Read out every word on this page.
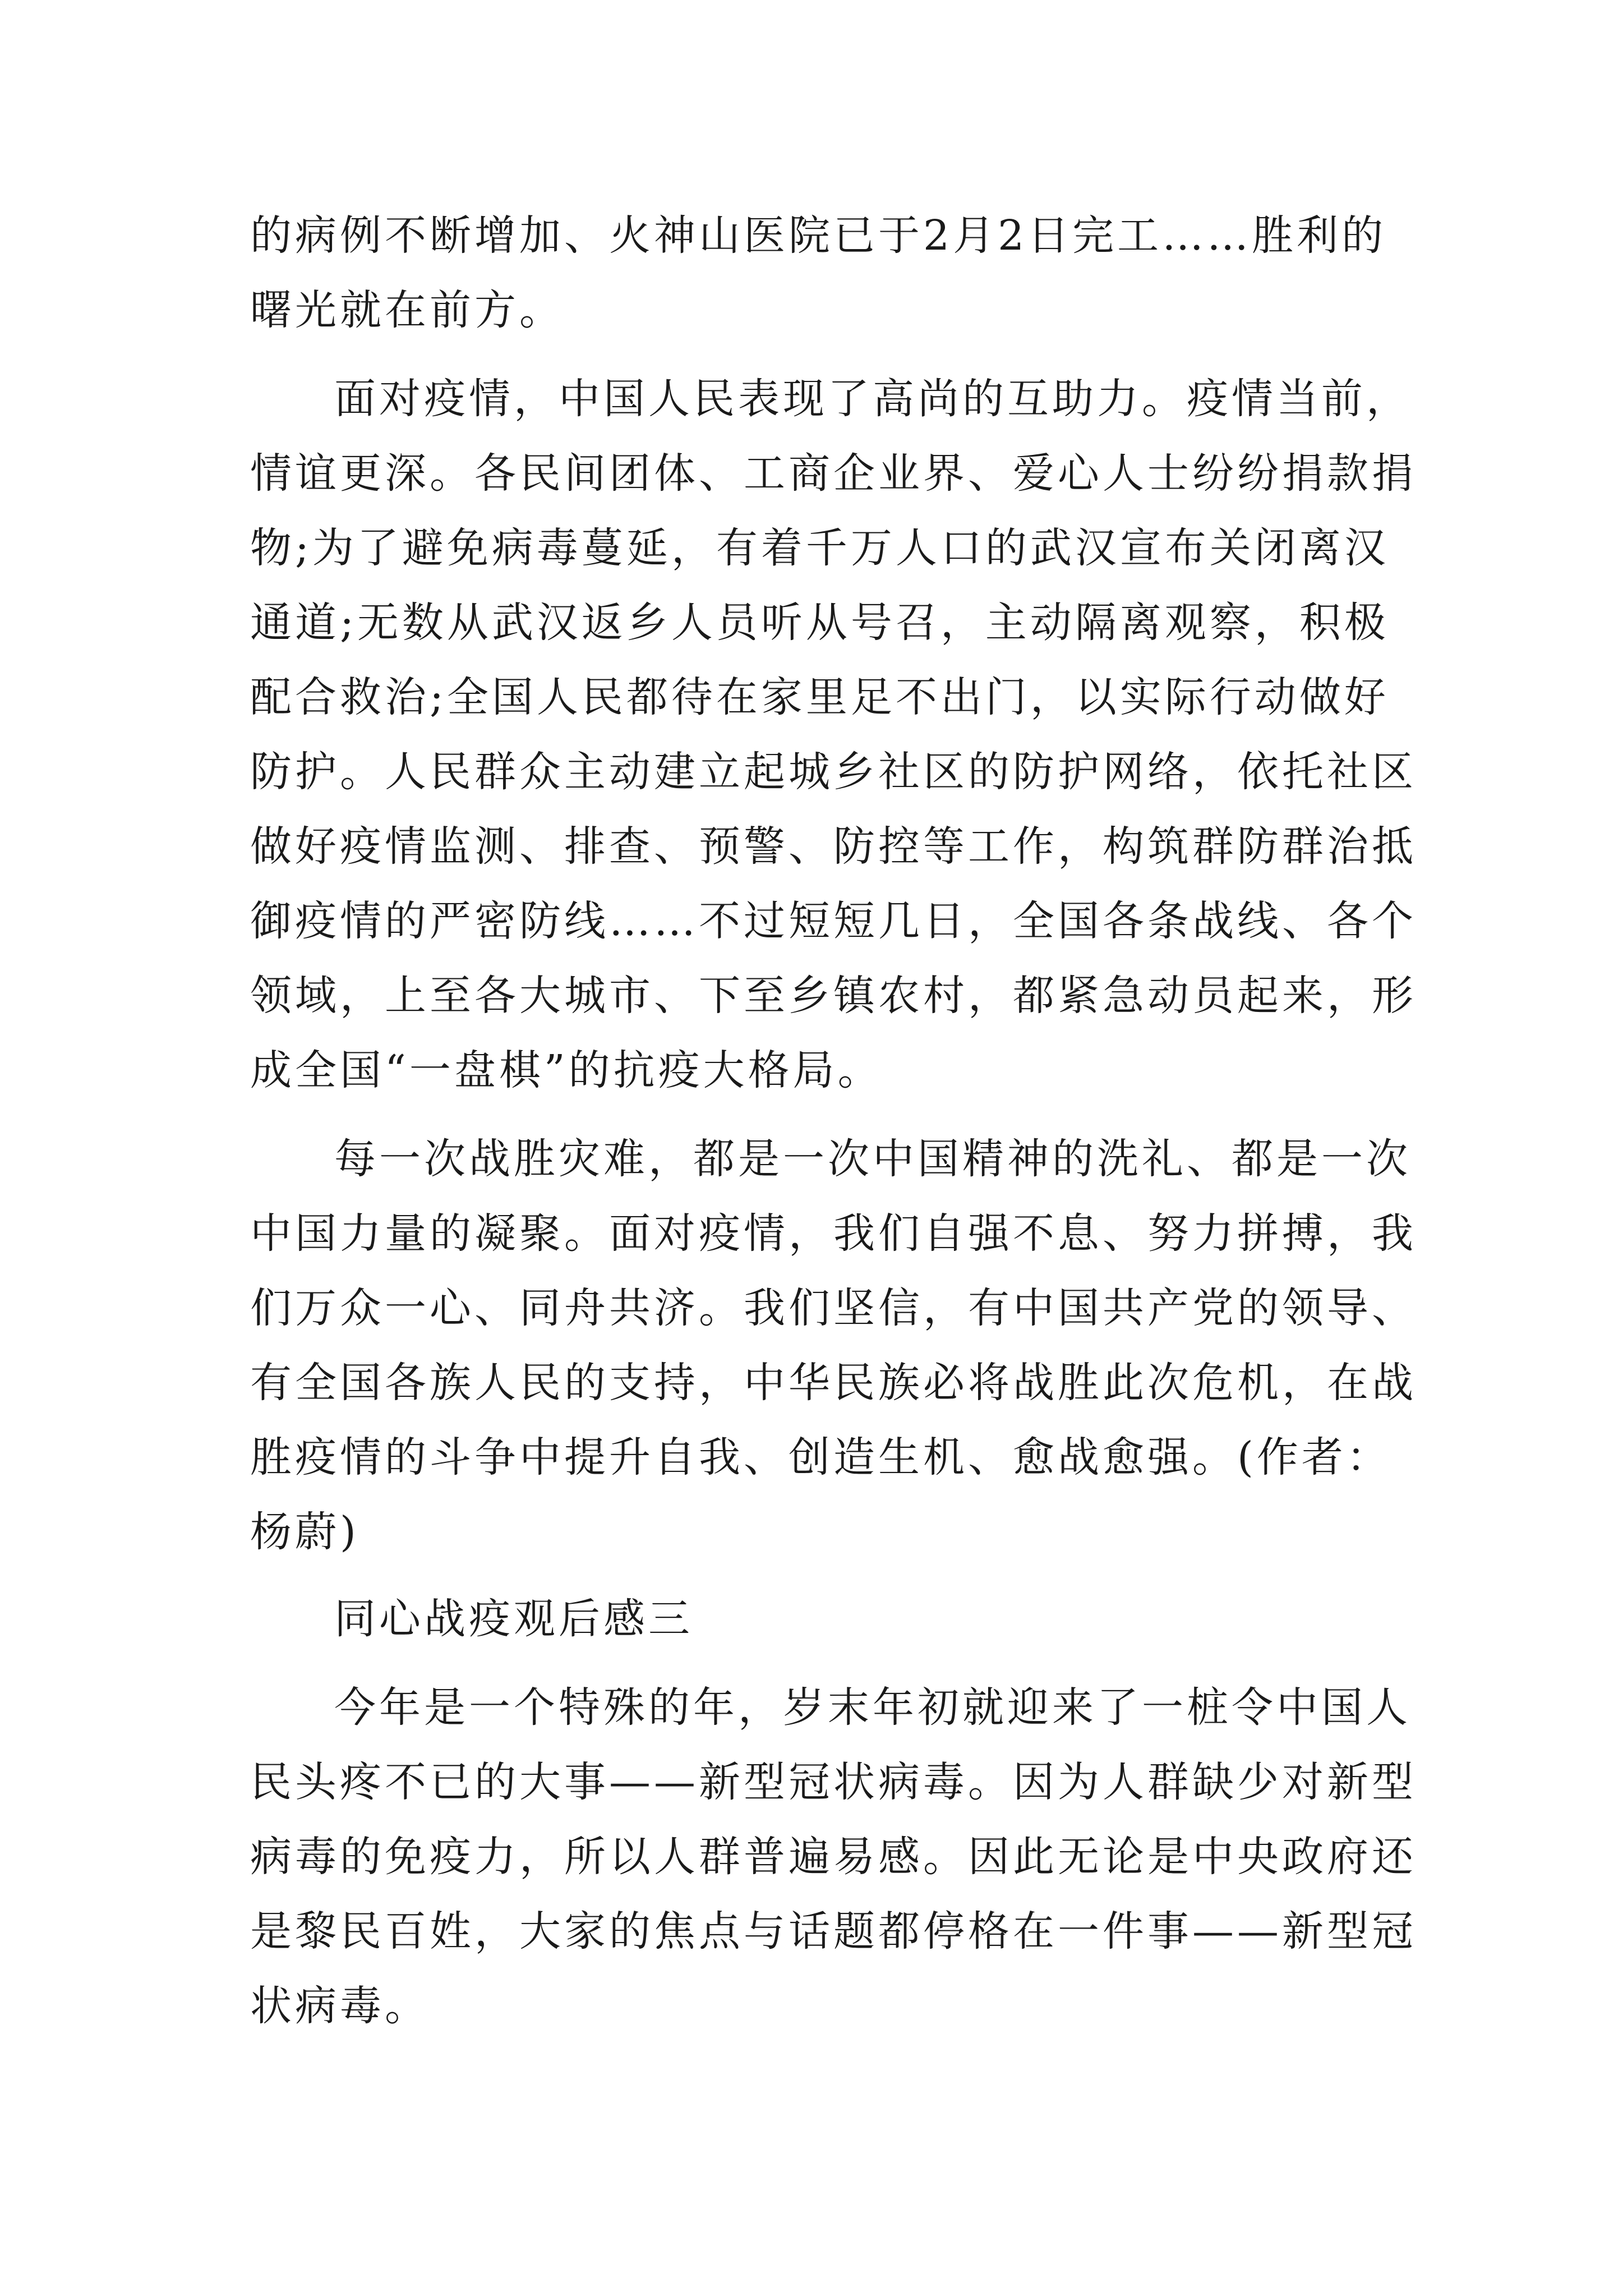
的病例不断增加、火神山医院已于2月2日完工……胜利的
曙光就在前方。
面对疫情，中国人民表现了高尚的互助力。疫情当前，
情谊更深。各民间团体、工商企业界、爱心人士纷纷捐款捐
物;为了避免病毒蔓延，有着千万人口的武汉宣布关闭离汉
通道;无数从武汉返乡人员听从号召，主动隔离观察，积极
配合救治;全国人民都待在家里足不出门，以实际行动做好
防护。人民群众主动建立起城乡社区的防护网络，依托社区
做好疫情监测、排查、预警、防控等工作，构筑群防群治抵
御疫情的严密防线……不过短短几日，全国各条战线、各个
领域，上至各大城市、下至乡镇农村，都紧急动员起来，形
成全国“一盘棋”的抗疫大格局。
每一次战胜灾难，都是一次中国精神的洗礼、都是一次
中国力量的凝聚。面对疫情，我们自强不息、努力拼搏，我
们万众一心、同舟共济。我们坚信，有中国共产党的领导、
有全国各族人民的支持，中华民族必将战胜此次危机，在战
胜疫情的斗争中提升自我、创造生机、愈战愈强。(作者：
杨蔚)
同心战疫观后感三
今年是一个特殊的年，岁末年初就迎来了一桩令中国人
民头疼不已的大事——新型冠状病毒。因为人群缺少对新型
病毒的免疫力，所以人群普遍易感。因此无论是中央政府还
是黎民百姓，大家的焦点与话题都停格在一件事——新型冠
状病毒。
